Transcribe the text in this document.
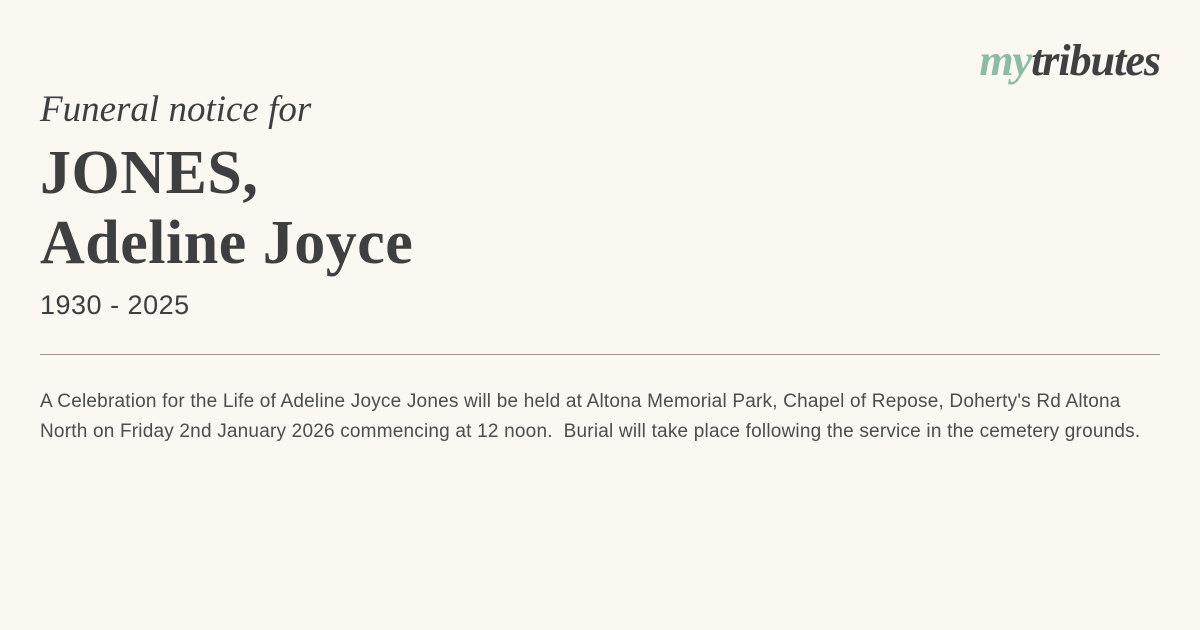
mytributes
Funeral notice for
JONES,
Adeline Joyce
1930 - 2025

A Celebration for the Life of Adeline Joyce Jones will be held at Altona Memorial Park, Chapel of Repose, Doherty's Rd Altona North on Friday 2nd January 2026 commencing at 12 noon.  Burial will take place following the service in the cemetery grounds.
